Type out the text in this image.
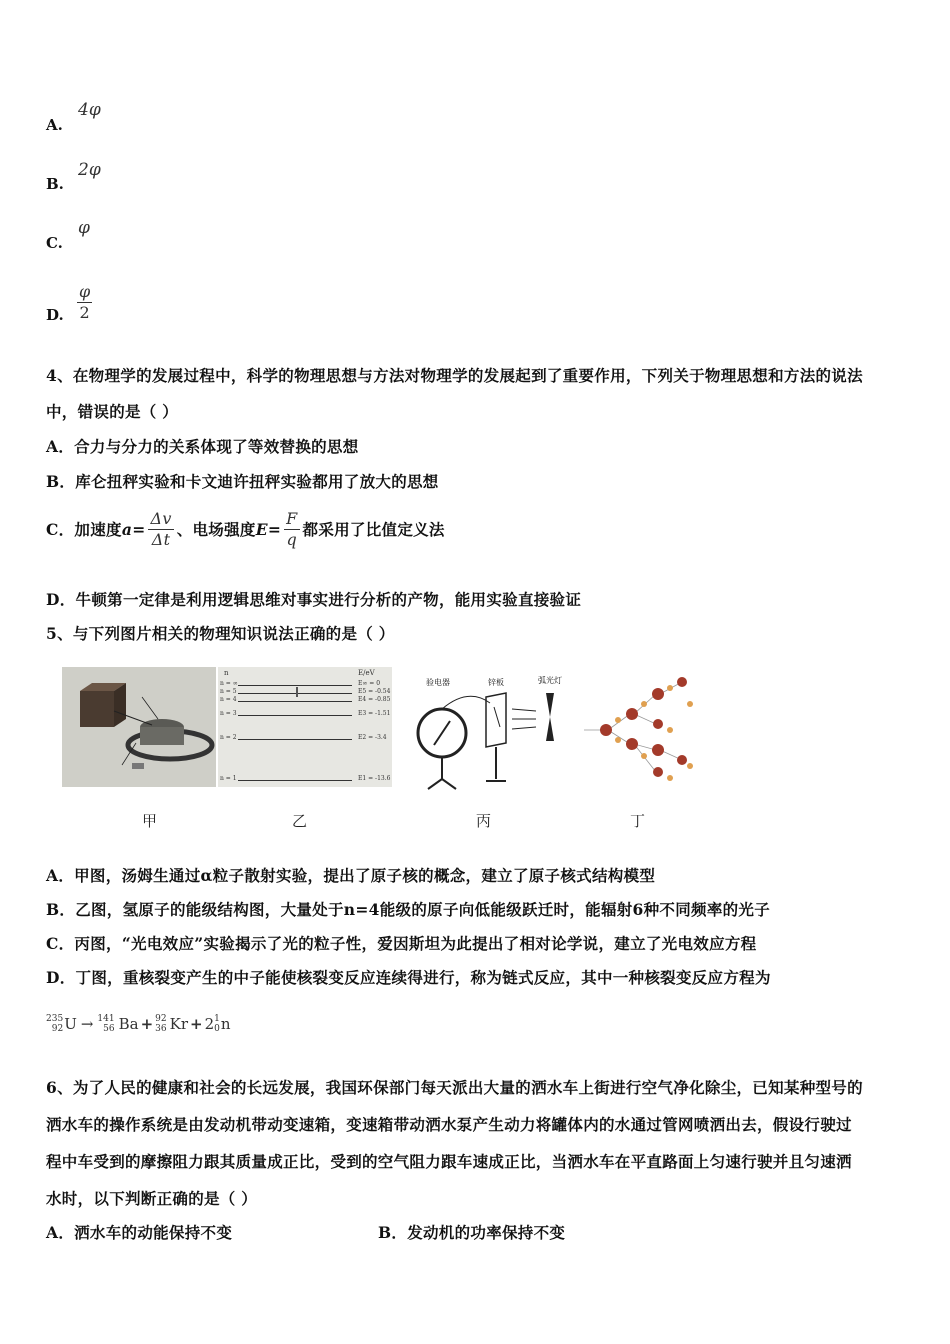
A.
4φ
B.
2φ
C.
φ
D. $\frac{\varphi}{2}$
4、在物理学的发展过程中，科学的物理思想与方法对物理学的发展起到了重要作用，下列关于物理思想和方法的说法
中，错误的是（ ）
A．合力与分力的关系体现了等效替换的思想
B．库仑扭秤实验和卡文迪许扭秤实验都用了放大的思想
C．加速度 $a = \frac{\Delta v}{\Delta t}$ 、电场强度 $E = \frac{F}{q}$ 都采用了比值定义法
D．牛顿第一定律是利用逻辑思维对事实进行分析的产物，能用实验直接验证
5、与下列图片相关的物理知识说法正确的是（ ）
n	E/eV
n = ∞	E∞ = 0
n = 5	E5 = -0.54
n = 4	E4 = -0.85
n = 3	E3 = -1.51
n = 2	E2 = -3.4
n = 1	E1 = -13.6
验电器	锌板	弧光灯
甲	乙	丙	丁
A．甲图，汤姆生通过α粒子散射实验，提出了原子核的概念，建立了原子核式结构模型
B．乙图，氢原子的能级结构图，大量处于n=4能级的原子向低能级跃迁时，能辐射6种不同频率的光子
C．丙图，“光电效应”实验揭示了光的粒子性，爱因斯坦为此提出了相对论学说，建立了光电效应方程
D．丁图，重核裂变产生的中子能使核裂变反应连续得进行，称为链式反应，其中一种核裂变反应方程为
235
92 U → 141
56 Ba + 92
36 Kr + 2 1
0 n
6、为了人民的健康和社会的长远发展，我国环保部门每天派出大量的洒水车上街进行空气净化除尘，已知某种型号的
洒水车的操作系统是由发动机带动变速箱，变速箱带动洒水泵产生动力将罐体内的水通过管网喷洒出去，假设行驶过
程中车受到的摩擦阻力跟其质量成正比，受到的空气阻力跟车速成正比，当洒水车在平直路面上匀速行驶并且匀速洒
水时，以下判断正确的是（ ）
A．洒水车的动能保持不变	B．发动机的功率保持不变
